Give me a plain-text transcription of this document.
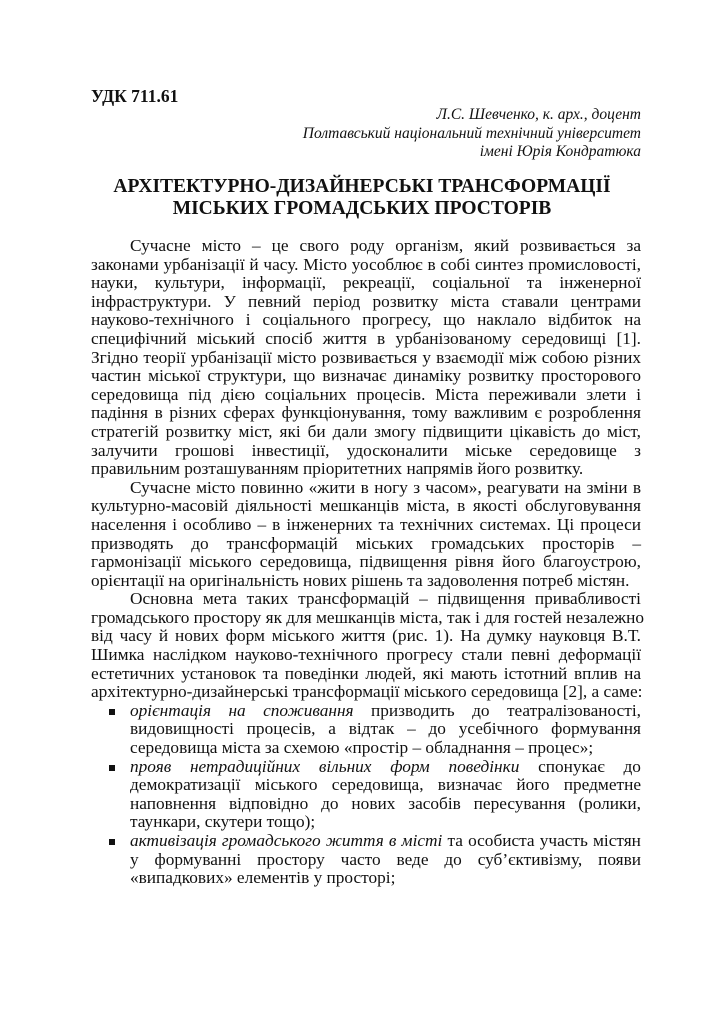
УДК 711.61
Л.С. Шевченко, к. арх., доцент
Полтавський національний технічний університет
імені Юрія Кондратюка
АРХІТЕКТУРНО-ДИЗАЙНЕРСЬКІ ТРАНСФОРМАЦІЇ
МІСЬКИХ ГРОМАДСЬКИХ ПРОСТОРІВ
Сучасне місто – це свого роду організм, який розвивається за
законами урбанізації й часу. Місто уособлює в собі синтез промисловості,
науки, культури, інформації, рекреації, соціальної та інженерної
інфраструктури. У певний період розвитку міста ставали центрами
науково-технічного і соціального прогресу, що наклало відбиток на
специфічний міський спосіб життя в урбанізованому середовищі [1].
Згідно теорії урбанізації місто розвивається у взаємодії між собою різних
частин міської структури, що визначає динаміку розвитку просторового
середовища під дією соціальних процесів. Міста переживали злети і
падіння в різних сферах функціонування, тому важливим є розроблення
стратегій розвитку міст, які би дали змогу підвищити цікавість до міст,
залучити грошові інвестиції, удосконалити міське середовище з
правильним розташуванням пріоритетних напрямів його розвитку.
Сучасне місто повинно «жити в ногу з часом», реагувати на зміни в
культурно-масовій діяльності мешканців міста, в якості обслуговування
населення і особливо – в інженерних та технічних системах. Ці процеси
призводять до трансформацій міських громадських просторів –
гармонізації міського середовища, підвищення рівня його благоустрою,
орієнтації на оригінальність нових рішень та задоволення потреб містян.
Основна мета таких трансформацій – підвищення привабливості
громадського простору як для мешканців міста, так і для гостей незалежно
від часу й нових форм міського життя (рис. 1). На думку науковця В.Т.
Шимка наслідком науково-технічного прогресу стали певні деформації
естетичних установок та поведінки людей, які мають істотний вплив на
архітектурно-дизайнерські трансформації міського середовища [2], а саме:
орієнтація на споживання призводить до театралізованості,
видовищності процесів, а відтак – до усебічного формування
середовища міста за схемою «простір – обладнання – процес»;
прояв нетрадиційних вільних форм поведінки спонукає до
демократизації міського середовища, визначає його предметне
наповнення відповідно до нових засобів пересування (ролики,
таункари, скутери тощо);
активізація громадського життя в місті та особиста участь містян
у формуванні простору часто веде до суб’єктивізму, появи
«випадкових» елементів у просторі;
